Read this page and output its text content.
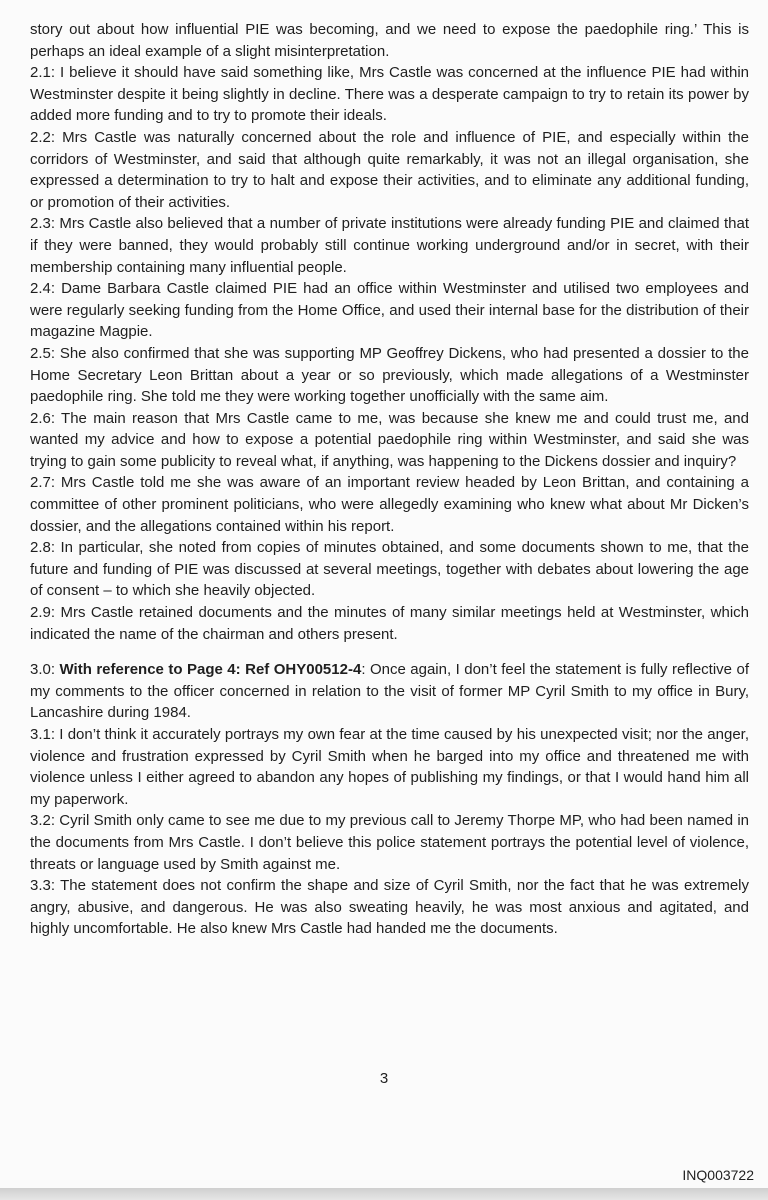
story out about how influential PIE was becoming, and we need to expose the paedophile ring.’ This is perhaps an ideal example of a slight misinterpretation.

2.1: I believe it should have said something like, Mrs Castle was concerned at the influence PIE had within Westminster despite it being slightly in decline. There was a desperate campaign to try to retain its power by added more funding and to try to promote their ideals.

2.2: Mrs Castle was naturally concerned about the role and influence of PIE, and especially within the corridors of Westminster, and said that although quite remarkably, it was not an illegal organisation, she expressed a determination to try to halt and expose their activities, and to eliminate any additional funding, or promotion of their activities.

2.3: Mrs Castle also believed that a number of private institutions were already funding PIE and claimed that if they were banned, they would probably still continue working underground and/or in secret, with their membership containing many influential people.

2.4: Dame Barbara Castle claimed PIE had an office within Westminster and utilised two employees and were regularly seeking funding from the Home Office, and used their internal base for the distribution of their magazine Magpie.

2.5: She also confirmed that she was supporting MP Geoffrey Dickens, who had presented a dossier to the Home Secretary Leon Brittan about a year or so previously, which made allegations of a Westminster paedophile ring. She told me they were working together unofficially with the same aim.

2.6: The main reason that Mrs Castle came to me, was because she knew me and could trust me, and wanted my advice and how to expose a potential paedophile ring within Westminster, and said she was trying to gain some publicity to reveal what, if anything, was happening to the Dickens dossier and inquiry?

2.7: Mrs Castle told me she was aware of an important review headed by Leon Brittan, and containing a committee of other prominent politicians, who were allegedly examining who knew what about Mr Dicken’s dossier, and the allegations contained within his report.

2.8: In particular, she noted from copies of minutes obtained, and some documents shown to me, that the future and funding of PIE was discussed at several meetings, together with debates about lowering the age of consent – to which she heavily objected.

2.9: Mrs Castle retained documents and the minutes of many similar meetings held at Westminster, which indicated the name of the chairman and others present.

3.0: With reference to Page 4: Ref OHY00512-4: Once again, I don’t feel the statement is fully reflective of my comments to the officer concerned in relation to the visit of former MP Cyril Smith to my office in Bury, Lancashire during 1984.

3.1: I don’t think it accurately portrays my own fear at the time caused by his unexpected visit; nor the anger, violence and frustration expressed by Cyril Smith when he barged into my office and threatened me with violence unless I either agreed to abandon any hopes of publishing my findings, or that I would hand him all my paperwork.

3.2: Cyril Smith only came to see me due to my previous call to Jeremy Thorpe MP, who had been named in the documents from Mrs Castle. I don’t believe this police statement portrays the potential level of violence, threats or language used by Smith against me.

3.3: The statement does not confirm the shape and size of Cyril Smith, nor the fact that he was extremely angry, abusive, and dangerous. He was also sweating heavily, he was most anxious and agitated, and highly uncomfortable. He also knew Mrs Castle had handed me the documents.

3
INQ003722
